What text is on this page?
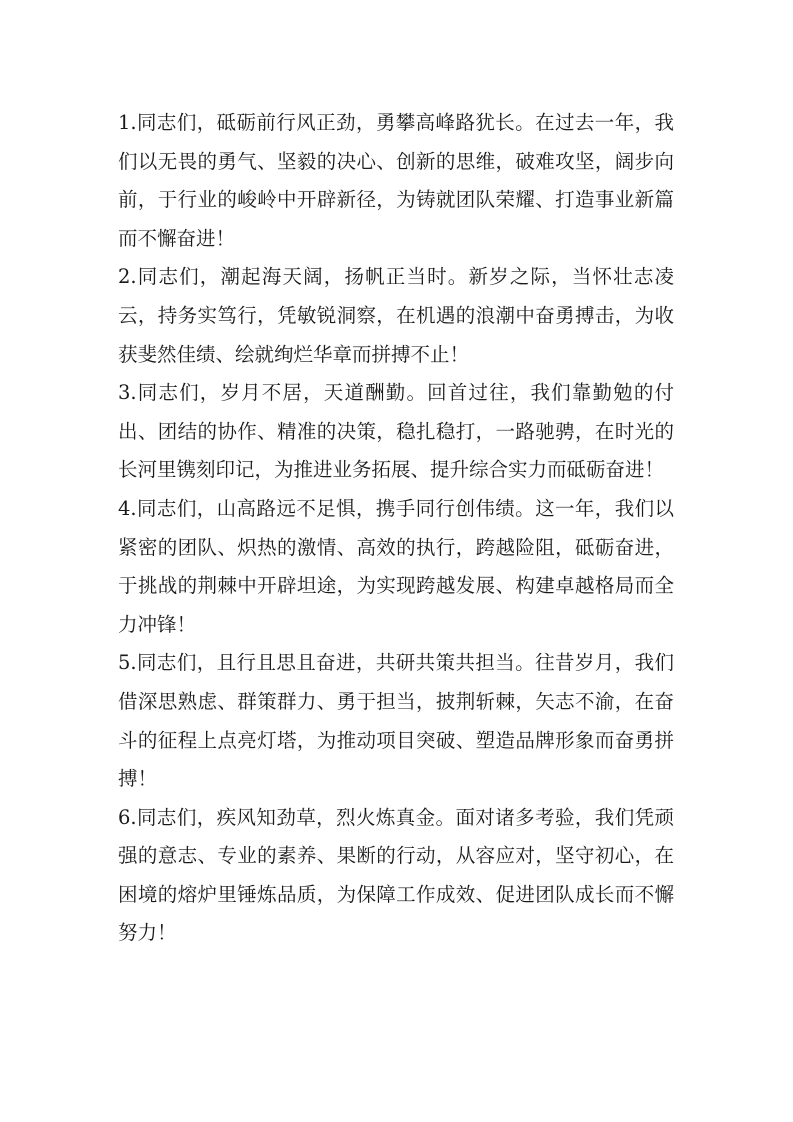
1.同志们，砥砺前行风正劲，勇攀高峰路犹长。在过去一年，我们以无畏的勇气、坚毅的决心、创新的思维，破难攻坚，阔步向前，于行业的峻岭中开辟新径，为铸就团队荣耀、打造事业新篇而不懈奋进！

2.同志们，潮起海天阔，扬帆正当时。新岁之际，当怀壮志凌云，持务实笃行，凭敏锐洞察，在机遇的浪潮中奋勇搏击，为收获斐然佳绩、绘就绚烂华章而拼搏不止！

3.同志们，岁月不居，天道酬勤。回首过往，我们靠勤勉的付出、团结的协作、精准的决策，稳扎稳打，一路驰骋，在时光的长河里镌刻印记，为推进业务拓展、提升综合实力而砥砺奋进！

4.同志们，山高路远不足惧，携手同行创伟绩。这一年，我们以紧密的团队、炽热的激情、高效的执行，跨越险阻，砥砺奋进，于挑战的荆棘中开辟坦途，为实现跨越发展、构建卓越格局而全力冲锋！

5.同志们，且行且思且奋进，共研共策共担当。往昔岁月，我们借深思熟虑、群策群力、勇于担当，披荆斩棘，矢志不渝，在奋斗的征程上点亮灯塔，为推动项目突破、塑造品牌形象而奋勇拼搏！

6.同志们，疾风知劲草，烈火炼真金。面对诸多考验，我们凭顽强的意志、专业的素养、果断的行动，从容应对，坚守初心，在困境的熔炉里锤炼品质，为保障工作成效、促进团队成长而不懈努力！
